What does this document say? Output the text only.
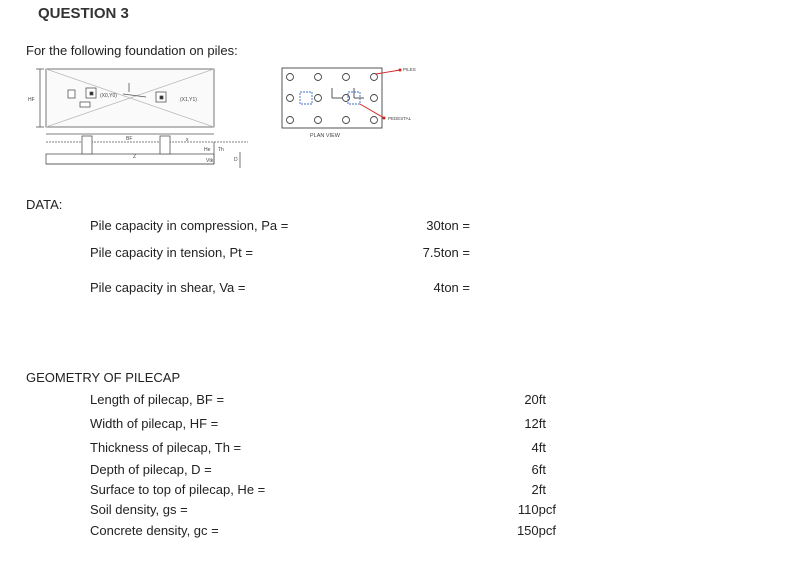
QUESTION 3
For the following foundation on piles:
HF
(X0,Y0)
(X1,Y1)
BF
Z
x
He
D
Th
Vtk
PILES
PEDESTAL
PLAN VIEW
DATA:
Pile capacity in compression, Pa =	30ton =
Pile capacity in tension, Pt =	7.5ton =
Pile capacity in shear, Va =	4ton =
GEOMETRY OF PILECAP
Length of pilecap, BF =	20ft
Width of pilecap, HF =	12ft
Thickness of pilecap, Th =	4ft
Depth of pilecap, D =	6ft
Surface to top of pilecap, He =	2ft
Soil density, gs =	110pcf
Concrete density, gc =	150pcf
